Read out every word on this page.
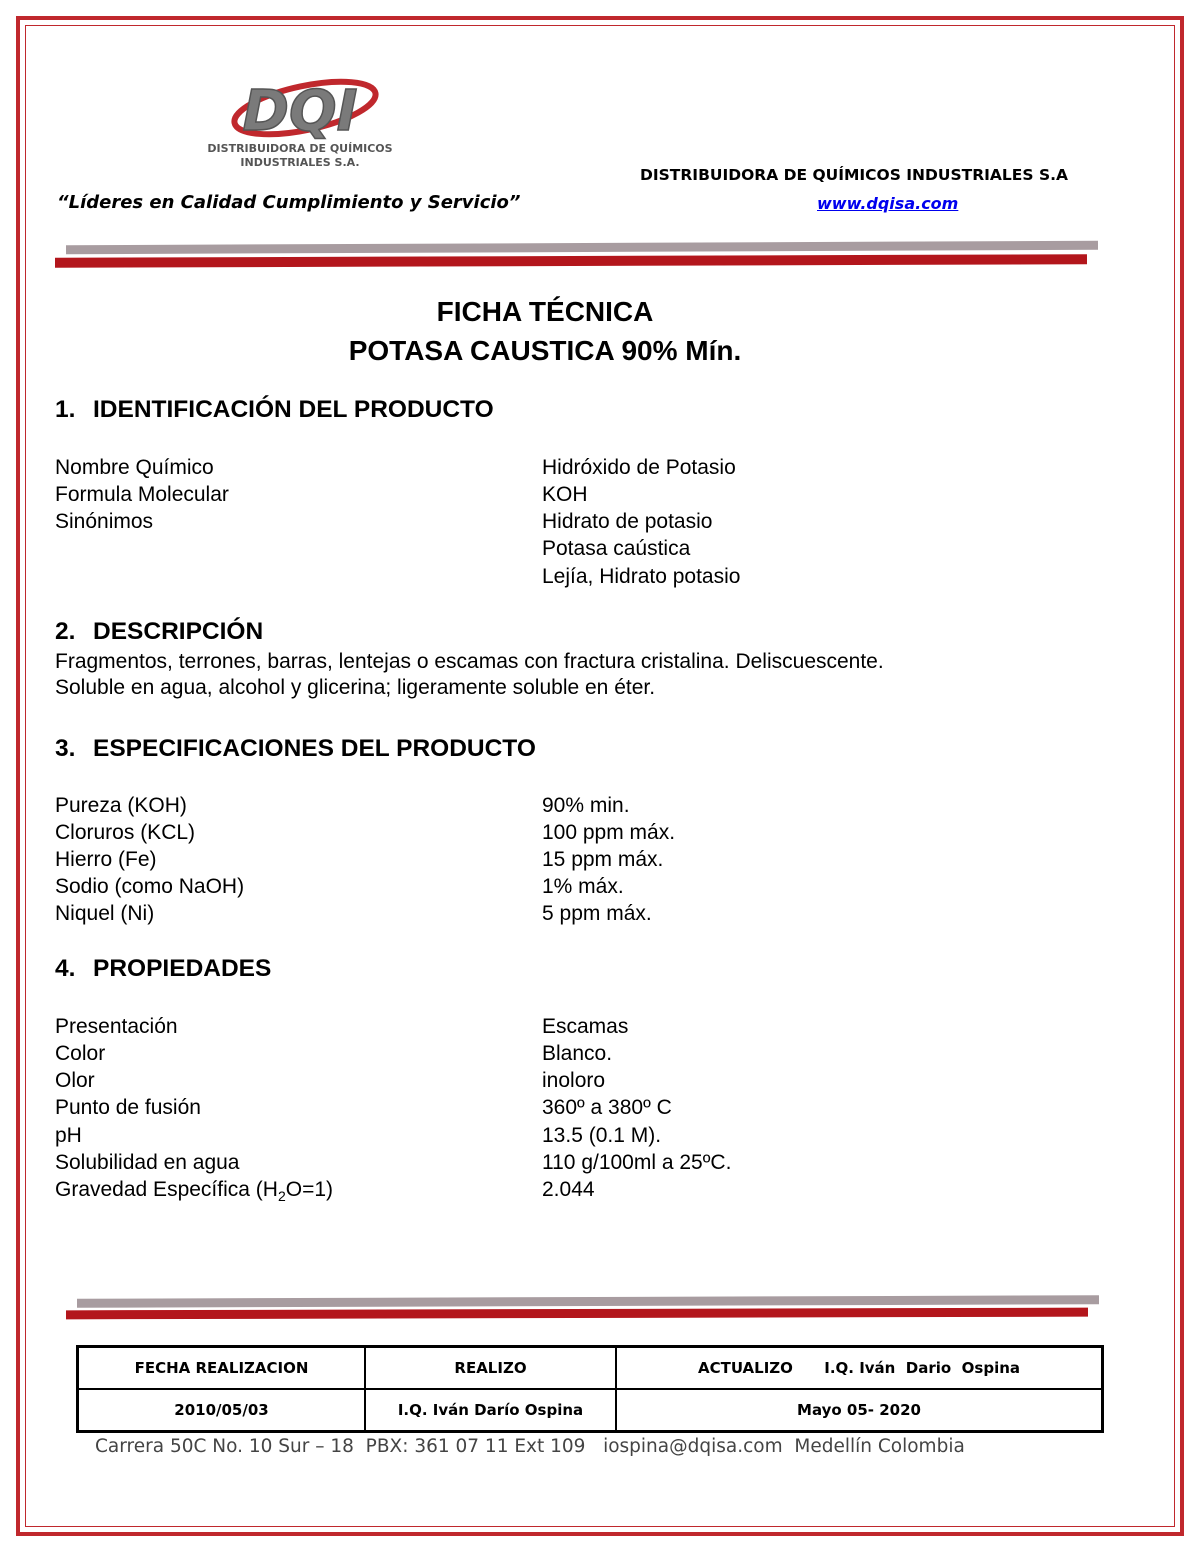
DQI
DISTRIBUIDORA DE QUÍMICOS
INDUSTRIALES S.A.
“Líderes en Calidad Cumplimiento y Servicio”
DISTRIBUIDORA DE QUÍMICOS INDUSTRIALES S.A
www.dqisa.com
FICHA TÉCNICA
POTASA CAUSTICA 90% Mín.
1. IDENTIFICACIÓN DEL PRODUCTO
Nombre Químico	Hidróxido de Potasio
Formula Molecular	KOH
Sinónimos	Hidrato de potasio
Potasa caústica
Lejía, Hidrato potasio
2. DESCRIPCIÓN
Fragmentos, terrones, barras, lentejas o escamas con fractura cristalina. Deliscuescente.
Soluble en agua, alcohol y glicerina; ligeramente soluble en éter.
3. ESPECIFICACIONES DEL PRODUCTO
Pureza (KOH)	90% min.
Cloruros (KCL)	100 ppm máx.
Hierro (Fe)	15 ppm máx.
Sodio (como NaOH)	1% máx.
Niquel (Ni)	5 ppm máx.
4. PROPIEDADES
Presentación	Escamas
Color	Blanco.
Olor	inoloro
Punto de fusión	360º a 380º C
pH	13.5 (0.1 M).
Solubilidad en agua	110 g/100ml a 25ºC.
Gravedad Específica $(H_2O=1)$	2.044
FECHA REALIZACION	REALIZO	ACTUALIZO      I.Q. Iván  Dario  Ospina
2010/05/03	I.Q. Iván Darío Ospina	Mayo 05- 2020
Carrera 50C No. 10 Sur – 18  PBX: 361 07 11 Ext 109   iospina@dqisa.com  Medellín Colombia
